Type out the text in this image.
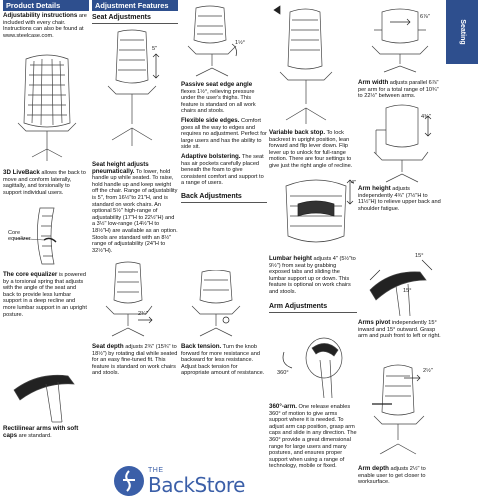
Product Details
Adjustability instructions are included with every chair. Instructions can also be found at www.steelcase.com.
3D LiveBack allows the back to move and conform laterally, sagittally, and torsionally to support individual users.
Core equalizer
The core equalizer is powered by a torsional spring that adjusts with the angle of the seat and back to provide less lumbar support in a deep recline and more lumbar support in an upright posture.
Rectilinear arms with soft caps are standard.
Adjustment Features
Seat Adjustments
5"
Seat height adjusts pneumatically. To lower, hold handle up while seated. To raise, hold handle up and keep weight off the chair. Range of adjustability is 5", from 16½"to 21"H, and is standard on work chairs. An optional 5½" high-range of adjustability (17"H to 22½"H) and a 3½" low-range (14½"H to 18½"H) are available as an option. Stools are standard with an 8½" range of adjustability (24"H to 32½"H).
2¾"
Seat depth adjusts 2¾" (15¾" to 18½") by rotating dial while seated for an easy fine-tuned fit. This feature is standard on work chairs and stools.
1½°
Passive seat edge angle flexes 1½°, relieving pressure under the user's thighs. This feature is standard on all work chairs and stools.
Flexible side edges. Comfort goes all the way to edges and requires no adjustment. Perfect for large users and has the ability to side sit.
Adaptive bolstering. The seat has air pockets carefully placed beneath the foam to give consistent comfort and support to a range of users.
Back Adjustments
Back tension. Turn the knob forward for more resistance and backward for less resistance. Adjust back tension for appropriate amount of resistance.
Variable back stop. To lock backrest in upright position, lean forward and flip lever down. Flip lever up to unlock for full-range motion. There are four settings to give just the right angle of recline.
4"
Lumbar height adjusts 4" (5½"to 9½") from seat by grabbing exposed tabs and sliding the lumbar support up or down. This feature is optional on work chairs and stools.
Arm Adjustments
360°
360°-arm. One release enables 360° of motion to give arms support where it is needed. To adjust arm cap position, grasp arm caps and slide in any direction. The 360° provide a great dimensional range for large users and many postures, and ensures proper support when using a range of technology, mobile or fixed.
6⅞"
Arm width adjusts parallel 6⅞" per arm for a total range of 10¾" to 22½" between arms.
4¾"
Arm height adjusts independently 4¾" (7½"H to 11½"H) to relieve upper back and shoulder fatigue.
15°
15°
Arms pivot independently 15° inward and 15° outward. Grasp arm and push front to left or right.
2½"
Arm depth adjusts 2½" to enable user to get closer to worksurface.
Seating
THE
BackStore
